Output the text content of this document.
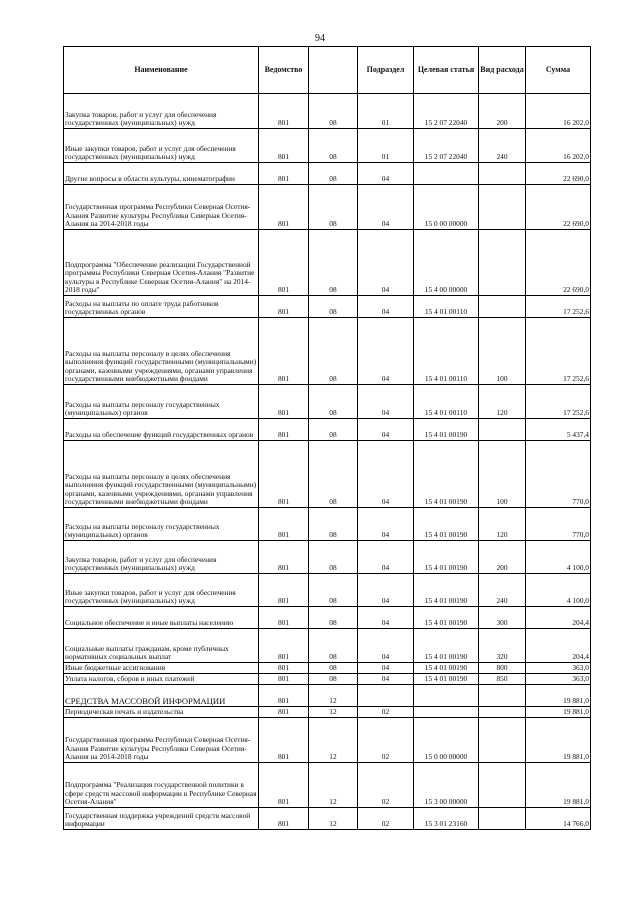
94
Наименование	Ведомство		Подраздел	Целевая статья	Вид расхода	Сумма
Закупка товаров, работ и услуг для обеспечения государственных (муниципальных) нужд	801	08	01	15 2 07 22040	200	16 202,0
Иные закупки товаров, работ и услуг для обеспечения государственных (муниципальных) нужд	801	08	01	15 2 07 22040	240	16 202,0
Другие вопросы в области культуры, кинематографии	801	08	04			22 690,0
Государственная программа Республики Северная Осетия-Алания Развитие культуры Республики Северная Осетия-Алания на 2014-2018 годы	801	08	04	15 0 00 00000		22 690,0
Подпрограмма "Обеспечение реализации Государственной программы Республики Северная Осетия-Алания "Развитие культуры в Республике Северная Осетия-Алания" на 2014-2018 годы"	801	08	04	15 4 00 00000		22 690,0
Расходы на выплаты по оплате труда работников государственных органов	801	08	04	15 4 01 00110		17 252,6
Расходы на выплаты персоналу в целях обеспечения выполнения функций государственными (муниципальными) органами, казенными учреждениями, органами управления государственными внебюджетными фондами	801	08	04	15 4 01 00110	100	17 252,6
Расходы на выплаты персоналу государственных (муниципальных) органов	801	08	04	15 4 01 00110	120	17 252,6
Расходы на обеспечение функций государственных органов	801	08	04	15 4 01 00190		5 437,4
Расходы на выплаты персоналу в целях обеспечения выполнения функций государственными (муниципальными) органами, казенными учреждениями, органами управления государственными внебюджетными фондами	801	08	04	15 4 01 00190	100	770,0
Расходы на выплаты персоналу государственных (муниципальных) органов	801	08	04	15 4 01 00190	120	770,0
Закупка товаров, работ и услуг для обеспечения государственных (муниципальных) нужд	801	08	04	15 4 01 00190	200	4 100,0
Иные закупки товаров, работ и услуг для обеспечения государственных (муниципальных) нужд	801	08	04	15 4 01 00190	240	4 100,0
Социальное обеспечение и иные выплаты населению	801	08	04	15 4 01 00190	300	204,4
Социальные выплаты гражданам, кроме публичных нормативных социальных выплат	801	08	04	15 4 01 00190	320	204,4
Иные бюджетные ассигнования	801	08	04	15 4 01 00190	800	363,0
Уплата налогов, сборов и иных платежей	801	08	04	15 4 01 00190	850	363,0
СРЕДСТВА МАССОВОЙ ИНФОРМАЦИИ	801	12				19 881,0
Периодическая печать и издательства	801	12	02			19 881,0
Государственная программа Республики Северная Осетия-Алания Развитие культуры Республики Северная Осетия-Алания на 2014-2018 годы	801	12	02	15 0 00 00000		19 881,0
Подпрограмма "Реализация государственной политики в сфере средств массовой информации в Республике Северная Осетия-Алания"	801	12	02	15 3 00 00000		19 881,0
Государственная поддержка учреждений средств массовой информации	801	12	02	15 3 01 23160		14 766,0
